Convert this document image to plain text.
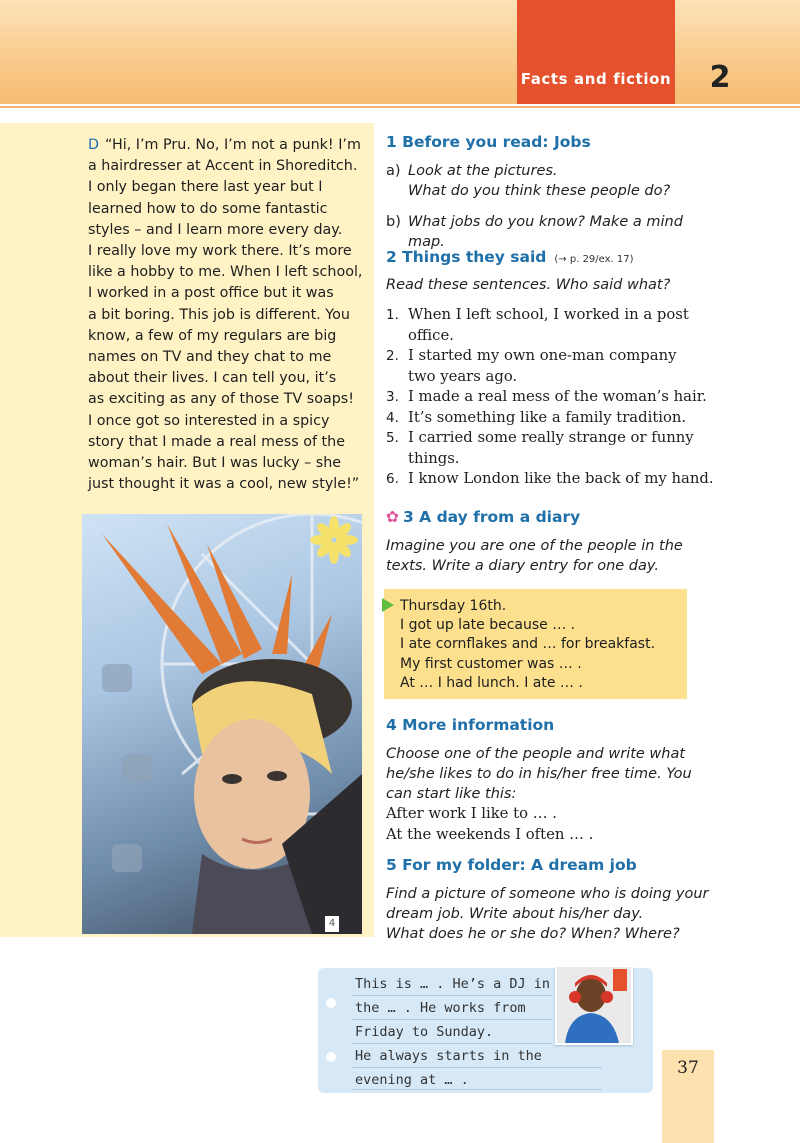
Facts and fiction	2
D “Hi, I’m Pru. No, I’m not a punk! I’m
a hairdresser at Accent in Shoreditch.
I only began there last year but I
learned how to do some fantastic
styles – and I learn more every day.
I really love my work there. It’s more
like a hobby to me. When I left school,
I worked in a post office but it was
a bit boring. This job is different. You
know, a few of my regulars are big
names on TV and they chat to me
about their lives. I can tell you, it’s
as exciting as any of those TV soaps!
I once got so interested in a spicy
story that I made a real mess of the
woman’s hair. But I was lucky – she
just thought it was a cool, new style!”
4
1 Before you read: Jobs
a) Look at the pictures.
What do you think these people do?
b) What jobs do you know? Make a mind map.
2 Things they said (→ p. 29/ex. 17)
Read these sentences. Who said what?
1. When I left school, I worked in a post
office.
2. I started my own one-man company
two years ago.
3. I made a real mess of the woman’s hair.
4. It’s something like a family tradition.
5. I carried some really strange or funny
things.
6. I know London like the back of my hand.
✿ 3 A day from a diary
Imagine you are one of the people in the
texts. Write a diary entry for one day.
Thursday 16th.
I got up late because … .
I ate cornflakes and … for breakfast.
My first customer was … .
At … I had lunch. I ate … .
4 More information
Choose one of the people and write what
he/she likes to do in his/her free time. You
can start like this:
After work I like to … .
At the weekends I often … .
5 For my folder: A dream job
Find a picture of someone who is doing your
dream job. Write about his/her day.
What does he or she do? When? Where?
This is … . He’s a DJ in
the … . He works from
Friday to Sunday.
He always starts in the
evening at … .
37
